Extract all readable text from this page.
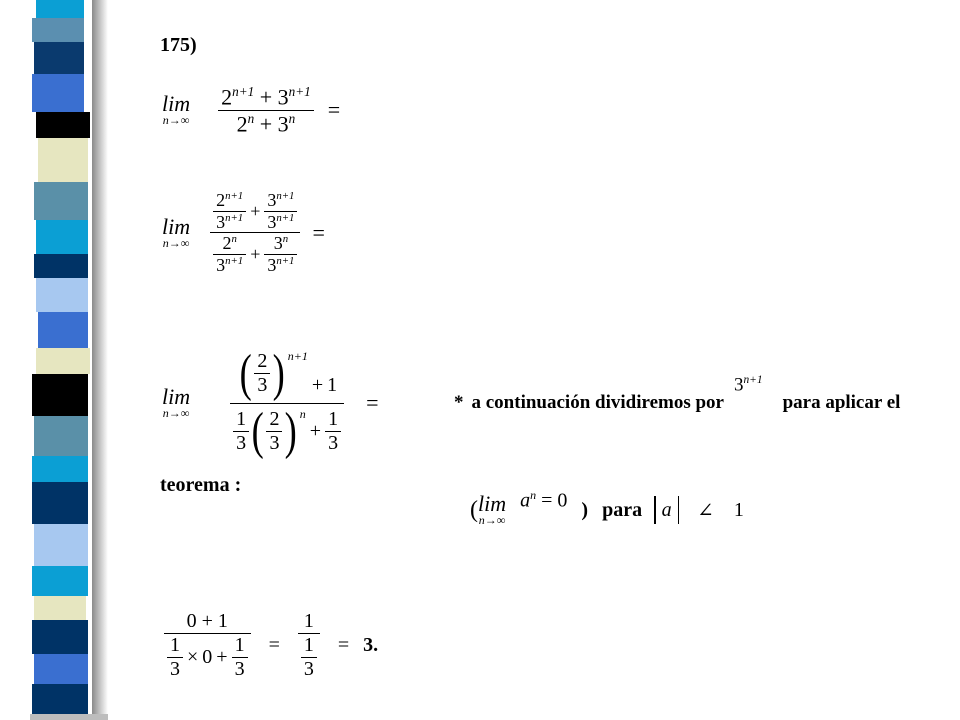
175)
lim
$n\to\infty \frac{2^{n+1} + 3^{n+1}}{2^n + 3^n}$ =
lim
$n\to\infty \frac{\frac{2^{n+1}}{3^{n+1}} + \frac{3^{n+1}}{3^{n+1}}}{\frac{2^n}{3^{n+1}} + \frac{3^n}{3^{n+1}}}$ =
lim
n→∞ ( $\frac{2}{3} )^{n+1}$
+ 1
$\frac{1}{3}$ ( $\frac{2}{3} )^n$
+ $\frac{1}{3}$ =	* a continuación dividiremos por
$3^{n+1}$
para aplicar el
teorema :
( lim
n→∞
$a^n = 0$ ) para a ∠ 1
$\frac{0 + 1}{\frac{1}{3} \times 0 + \frac{1}{3}} = \frac{1}{\frac{1}{3}} = 3$.
